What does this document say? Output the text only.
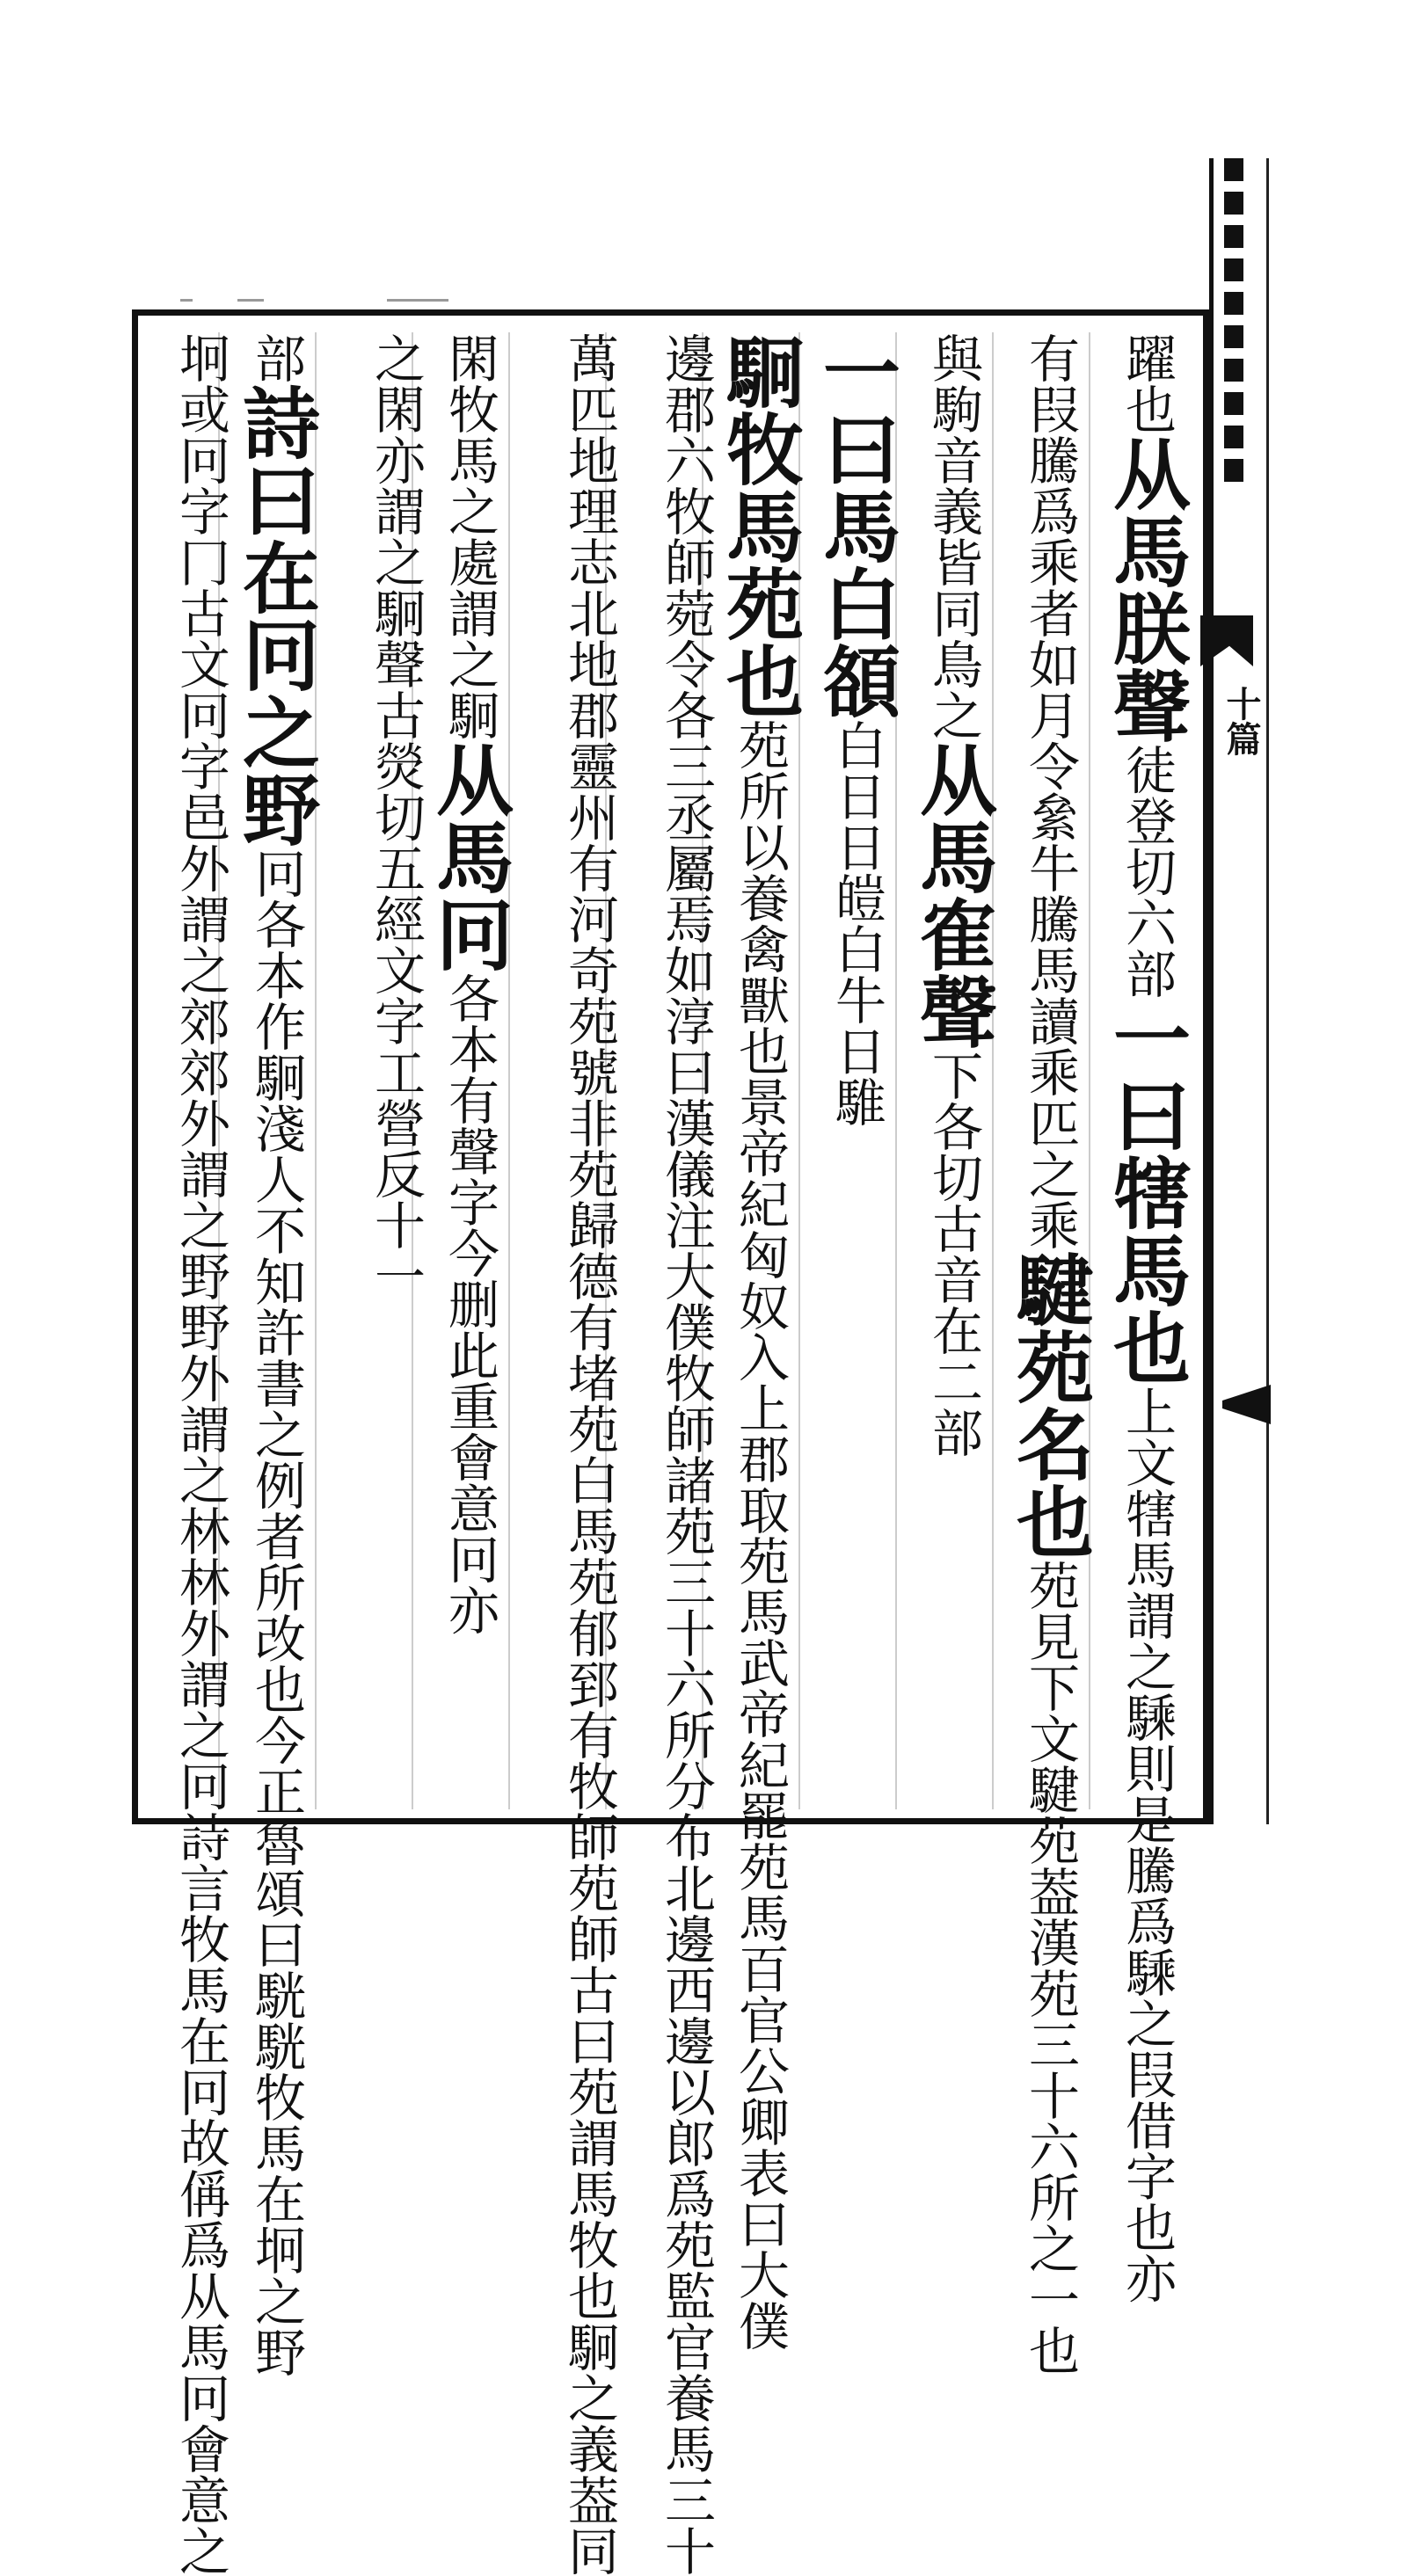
十篇
躍也从馬朕聲徒登切六部一曰犗馬也上文犗馬謂之騬則是騰爲騬之叚借字也亦
有叚騰爲乘者如月令絫牛騰馬讀乘匹之乘騝苑名也苑見下文騝苑葢漢苑三十六所之一也
與駒音義皆同鳥之从馬隺聲下各切古音在二部
一曰馬白頟白日日皚白牛日騅
駉牧馬苑也苑所以養禽獸也景帝紀匈奴入上郡取苑馬武帝紀罷苑馬百官公卿表曰大僕
邊郡六牧師菀令各三丞屬焉如淳曰漢儀注大僕牧師諸苑三十六所分布北邊西邊以郎爲苑監官養馬三十
萬匹地理志北地郡靈州有河奇苑號非苑歸德有堵苑白馬苑郁郅有牧師苑師古曰苑謂馬牧也駉之義葢同
閑牧馬之處謂之駉从馬冋各本有聲字今删此重會意冋亦
之閑亦謂之駉聲古熒切五經文字工營反十一
部詩曰在冋之野冋各本作駉淺人不知許書之例者所改也今正魯頌曰駫駫牧馬在坰之野
坰或冋字冂古文冋字邑外謂之郊郊外謂之野野外謂之林林外謂之冋詩言牧馬在冋故偁爲从馬冋會意之
